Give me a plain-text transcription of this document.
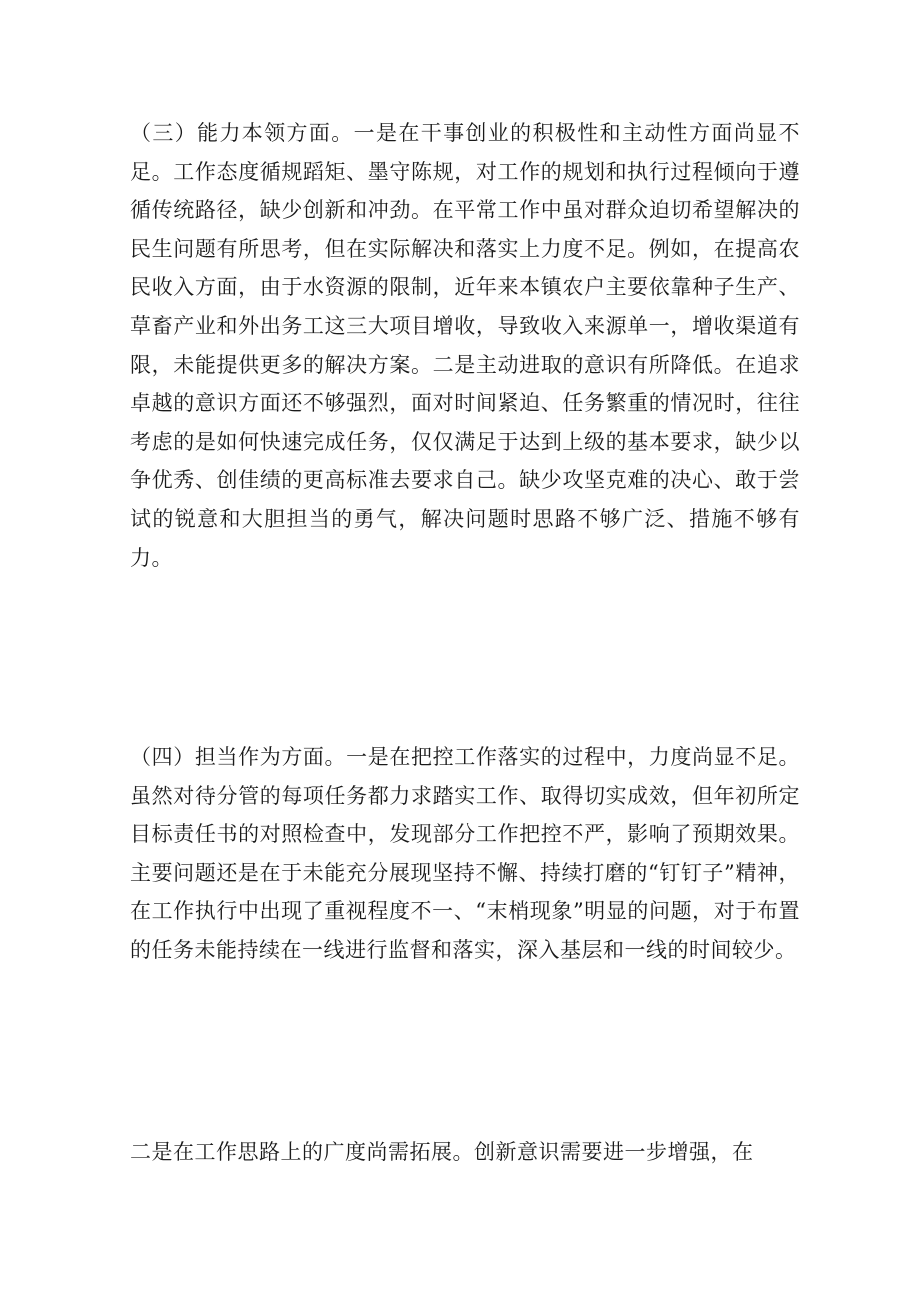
（三）能力本领方面。一是在干事创业的积极性和主动性方面尚显不足。工作态度循规蹈矩、墨守陈规，对工作的规划和执行过程倾向于遵循传统路径，缺少创新和冲劲。在平常工作中虽对群众迫切希望解决的民生问题有所思考，但在实际解决和落实上力度不足。例如，在提高农民收入方面，由于水资源的限制，近年来本镇农户主要依靠种子生产、草畜产业和外出务工这三大项目增收，导致收入来源单一，增收渠道有限，未能提供更多的解决方案。二是主动进取的意识有所降低。在追求卓越的意识方面还不够强烈，面对时间紧迫、任务繁重的情况时，往往考虑的是如何快速完成任务，仅仅满足于达到上级的基本要求，缺少以争优秀、创佳绩的更高标准去要求自己。缺少攻坚克难的决心、敢于尝试的锐意和大胆担当的勇气，解决问题时思路不够广泛、措施不够有力。

（四）担当作为方面。一是在把控工作落实的过程中，力度尚显不足。虽然对待分管的每项任务都力求踏实工作、取得切实成效，但年初所定目标责任书的对照检查中，发现部分工作把控不严，影响了预期效果。主要问题还是在于未能充分展现坚持不懈、持续打磨的“钉钉子”精神，在工作执行中出现了重视程度不一、“末梢现象”明显的问题，对于布置的任务未能持续在一线进行监督和落实，深入基层和一线的时间较少。

二是在工作思路上的广度尚需拓展。创新意识需要进一步增强，在
